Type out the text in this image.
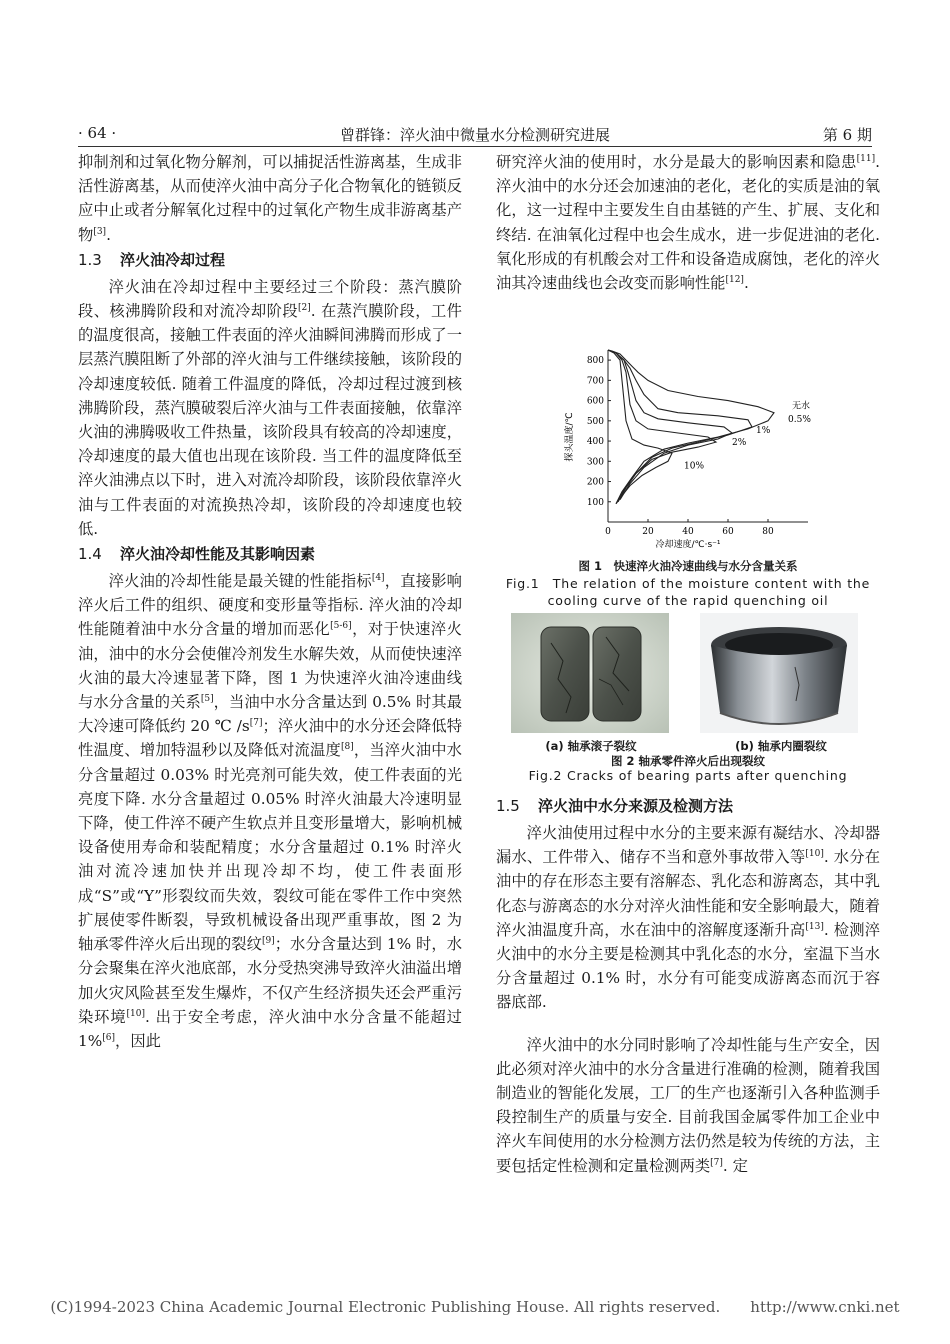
· 64 ·	曾群锋：淬火油中微量水分检测研究进展	第 6 期

抑制剂和过氧化物分解剂，可以捕捉活性游离基，生成非活性游离基，从而使淬火油中高分子化合物氧化的链锁反应中止或者分解氧化过程中的过氧化产物生成非游离基产物[3].

1.3 淬火油冷却过程

淬火油在冷却过程中主要经过三个阶段：蒸汽膜阶段、核沸腾阶段和对流冷却阶段[2]. 在蒸汽膜阶段，工件的温度很高，接触工件表面的淬火油瞬间沸腾而形成了一层蒸汽膜阻断了外部的淬火油与工件继续接触，该阶段的冷却速度较低. 随着工件温度的降低，冷却过程过渡到核沸腾阶段，蒸汽膜破裂后淬火油与工件表面接触，依靠淬火油的沸腾吸收工件热量，该阶段具有较高的冷却速度，冷却速度的最大值也出现在该阶段. 当工件的温度降低至淬火油沸点以下时，进入对流冷却阶段，该阶段依靠淬火油与工件表面的对流换热冷却，该阶段的冷却速度也较低.

1.4 淬火油冷却性能及其影响因素

淬火油的冷却性能是最关键的性能指标[4]，直接影响淬火后工件的组织、硬度和变形量等指标. 淬火油的冷却性能随着油中水分含量的增加而恶化[5-6]，对于快速淬火油，油中的水分会使催冷剂发生水解失效，从而使快速淬火油的最大冷速显著下降，图 1 为快速淬火油冷速曲线与水分含量的关系[5]，当油中水分含量达到 0.5% 时其最大冷速可降低约 20 ℃ /s[7]；淬火油中的水分还会降低特性温度、增加特温秒以及降低对流温度[8]，当淬火油中水分含量超过 0.03% 时光亮剂可能失效，使工件表面的光亮度下降. 水分含量超过 0.05% 时淬火油最大冷速明显下降，使工件淬不硬产生软点并且变形量增大，影响机械设备使用寿命和装配精度；水分含量超过 0.1% 时淬火油对流冷速加快并出现冷却不均，使工件表面形成“S”或“Y”形裂纹而失效，裂纹可能在零件工作中突然扩展使零件断裂，导致机械设备出现严重事故，图 2 为轴承零件淬火后出现的裂纹[9]；水分含量达到 1% 时，水分会聚集在淬火池底部，水分受热突沸导致淬火油溢出增加火灾风险甚至发生爆炸，不仅产生经济损失还会严重污染环境[10]. 出于安全考虑，淬火油中水分含量不能超过 1%[6]，因此

研究淬火油的使用时，水分是最大的影响因素和隐患[11]. 淬火油中的水分还会加速油的老化，老化的实质是油的氧化，这一过程中主要发生自由基链的产生、扩展、支化和终结. 在油氧化过程中也会生成水，进一步促进油的老化. 氧化形成的有机酸会对工件和设备造成腐蚀，老化的淬火油其冷速曲线也会改变而影响性能[12].

0	20	40	60	80
100
200
300
400
500
600
700
800
冷却速度/℃·s⁻¹
探头温度/℃
无水
0.5%
1%
2%
10%
图 1　快速淬火油冷速曲线与水分含量关系
Fig.1　The relation of the moisture content with the
cooling curve of the rapid quenching oil
(a) 轴承滚子裂纹	(b) 轴承内圈裂纹
图 2 轴承零件淬火后出现裂纹
Fig.2 Cracks of bearing parts after quenching
1.5 淬火油中水分来源及检测方法

淬火油使用过程中水分的主要来源有凝结水、冷却器漏水、工件带入、储存不当和意外事故带入等[10]. 水分在油中的存在形态主要有溶解态、乳化态和游离态，其中乳化态与游离态的水分对淬火油性能和安全影响最大，随着淬火油温度升高，水在油中的溶解度逐渐升高[13]. 检测淬火油中的水分主要是检测其中乳化态的水分，室温下当水分含量超过 0.1% 时，水分有可能变成游离态而沉于容器底部.

淬火油中的水分同时影响了冷却性能与生产安全，因此必须对淬火油中的水分含量进行准确的检测，随着我国制造业的智能化发展，工厂的生产也逐渐引入各种监测手段控制生产的质量与安全. 目前我国金属零件加工企业中淬火车间使用的水分检测方法仍然是较为传统的方法，主要包括定性检测和定量检测两类[7]. 定

(C)1994-2023 China Academic Journal Electronic Publishing House. All rights reserved.　　http://www.cnki.net
